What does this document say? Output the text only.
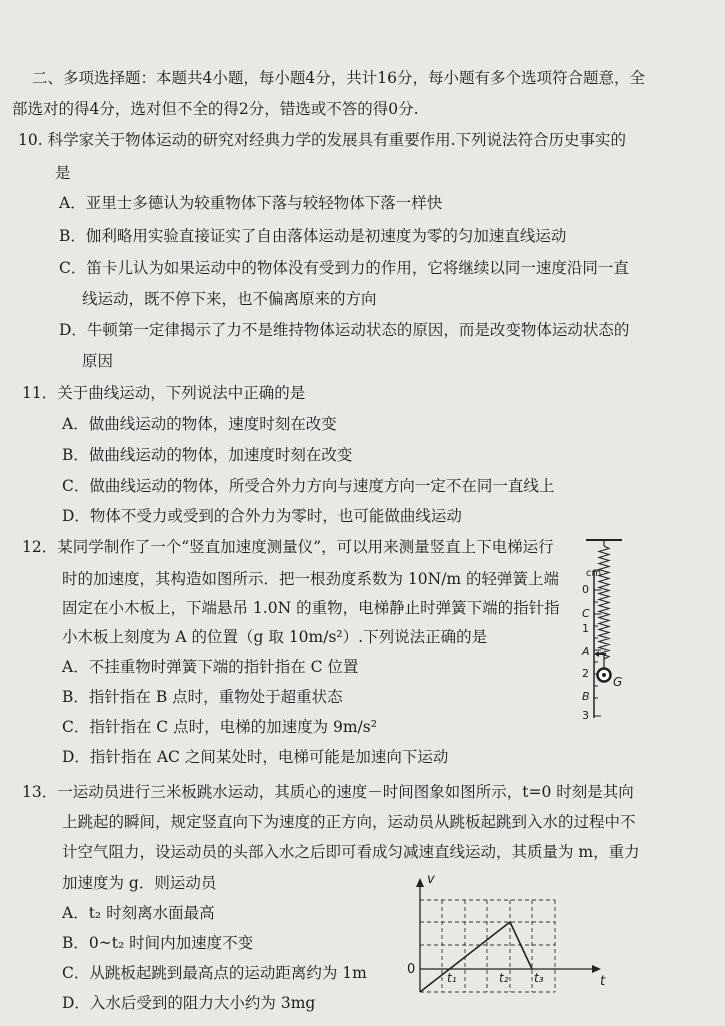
二、多项选择题：本题共4小题，每小题4分，共计16分，每小题有多个选项符合题意，全
部选对的得4分，选对但不全的得2分，错选或不答的得0分.
10. 科学家关于物体运动的研究对经典力学的发展具有重要作用.下列说法符合历史事实的
是
A．亚里士多德认为较重物体下落与较轻物体下落一样快
B．伽利略用实验直接证实了自由落体运动是初速度为零的匀加速直线运动
C．笛卡儿认为如果运动中的物体没有受到力的作用，它将继续以同一速度沿同一直
线运动，既不停下来，也不偏离原来的方向
D．牛顿第一定律揭示了力不是维持物体运动状态的原因，而是改变物体运动状态的
原因
11．关于曲线运动，下列说法中正确的是
A．做曲线运动的物体，速度时刻在改变
B．做曲线运动的物体，加速度时刻在改变
C．做曲线运动的物体，所受合外力方向与速度方向一定不在同一直线上
D．物体不受力或受到的合外力为零时，也可能做曲线运动
12．某同学制作了一个“竖直加速度测量仪”，可以用来测量竖直上下电梯运行
时的加速度，其构造如图所示．把一根劲度系数为 10N/m 的轻弹簧上端
固定在小木板上，下端悬吊 1.0N 的重物，电梯静止时弹簧下端的指针指
小木板上刻度为 A 的位置（g 取 10m/s²）.下列说法正确的是
A．不挂重物时弹簧下端的指针指在 C 位置
B．指针指在 B 点时，重物处于超重状态
C．指针指在 C 点时，电梯的加速度为 9m/s²
D．指针指在 AC 之间某处时，电梯可能是加速向下运动
cm
0
C
1
A
2
B
3
G
13．一运动员进行三米板跳水运动，其质心的速度－时间图象如图所示，t=0 时刻是其向
上跳起的瞬间，规定竖直向下为速度的正方向，运动员从跳板起跳到入水的过程中不
计空气阻力，设运动员的头部入水之后即可看成匀减速直线运动，其质量为 m，重力
加速度为 g．则运动员
A．t₂ 时刻离水面最高
B．0~t₂ 时间内加速度不变
C．从跳板起跳到最高点的运动距离约为 1m
D．入水后受到的阻力大小约为 3mg
v
t
0
t₁	t₂ t₃
